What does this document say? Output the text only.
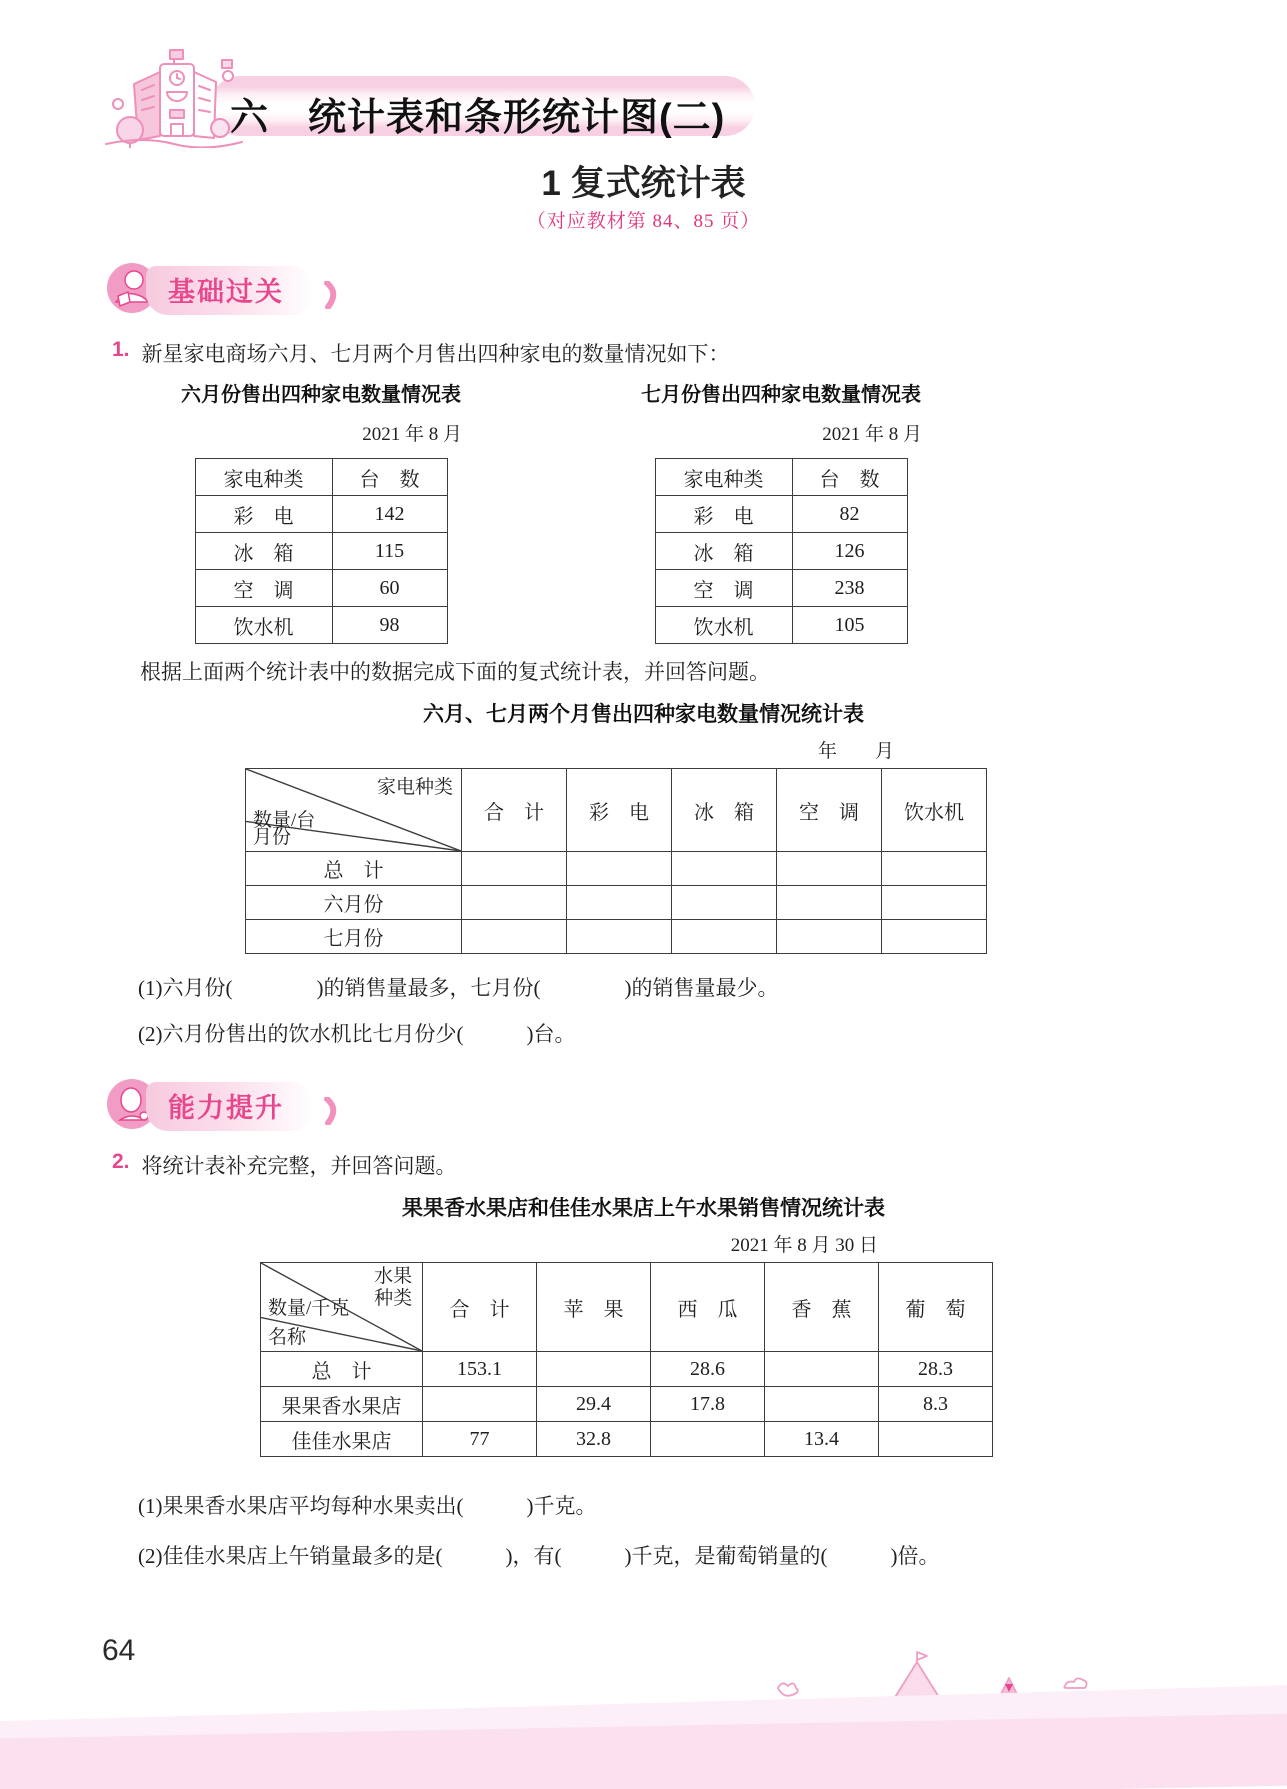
六　统计表和条形统计图(二)
1 复式统计表
（对应教材第 84、85 页）
基础过关
1. 新星家电商场六月、七月两个月售出四种家电的数量情况如下：
六月份售出四种家电数量情况表
2021 年 8 月
家电种类	台　数
彩　电	142
冰　箱	115
空　调	60
饮水机	98
七月份售出四种家电数量情况表
2021 年 8 月
家电种类	台　数
彩　电	82
冰　箱	126
空　调	238
饮水机	105
根据上面两个统计表中的数据完成下面的复式统计表，并回答问题。
六月、七月两个月售出四种家电数量情况统计表
年　　月
家电种类
数量/台
月份	合　计	彩　电	冰　箱	空　调	饮水机
总　计					
六月份					
七月份					
(1)六月份(　　　　)的销售量最多，七月份(　　　　)的销售量最少。
(2)六月份售出的饮水机比七月份少(　　　)台。
能力提升
2. 将统计表补充完整，并回答问题。
果果香水果店和佳佳水果店上午水果销售情况统计表
2021 年 8 月 30 日
水果种类
数量/千克
名称	合　计	苹　果	西　瓜	香　蕉	葡　萄
总　计	153.1		28.6		28.3
果果香水果店		29.4	17.8		8.3
佳佳水果店	77	32.8		13.4	
(1)果果香水果店平均每种水果卖出(　　　)千克。
(2)佳佳水果店上午销量最多的是(　　　)，有(　　　)千克，是葡萄销量的(　　　)倍。
64
